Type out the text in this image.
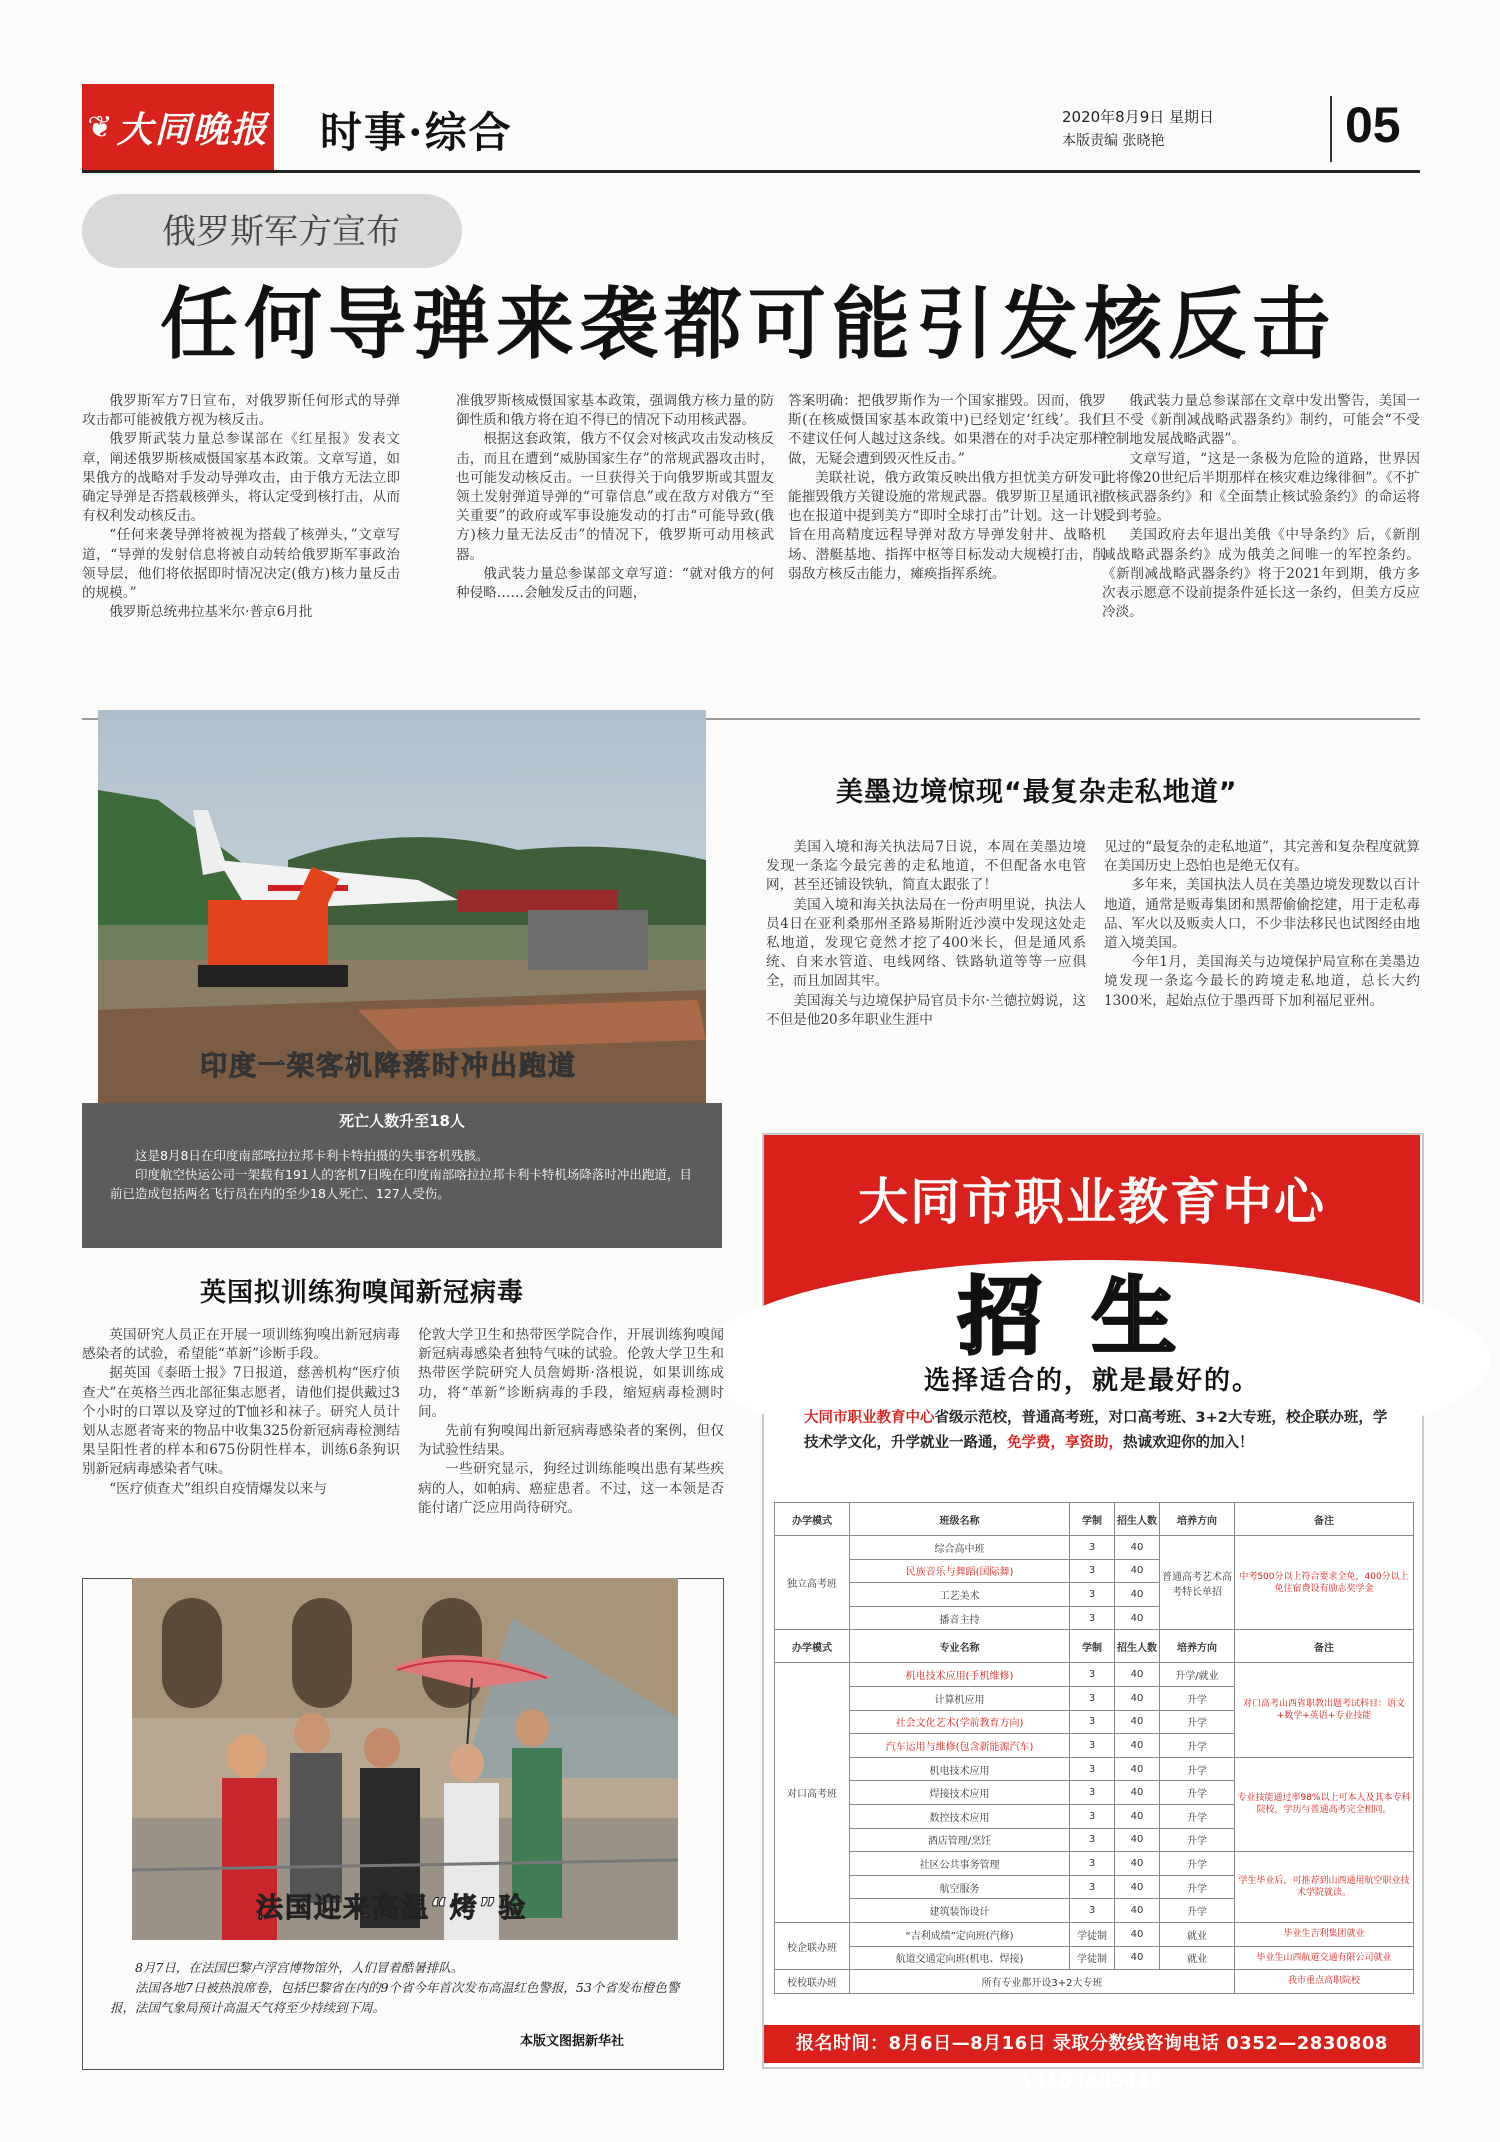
❦ 大同晚报 时事·综合	2020年8月9日 星期日
本版责编 张晓艳	05
俄罗斯军方宣布
任何导弹来袭都可能引发核反击

俄罗斯军方7日宣布，对俄罗斯任何形式的导弹攻击都可能被俄方视为核反击。

俄罗斯武装力量总参谋部在《红星报》发表文章，阐述俄罗斯核威慑国家基本政策。文章写道，如果俄方的战略对手发动导弹攻击，由于俄方无法立即确定导弹是否搭载核弹头，将认定受到核打击，从而有权利发动核反击。

“任何来袭导弹将被视为搭载了核弹头，”文章写道，“导弹的发射信息将被自动转给俄罗斯军事政治领导层，他们将依据即时情况决定(俄方)核力量反击的规模。”

俄罗斯总统弗拉基米尔·普京6月批

准俄罗斯核威慑国家基本政策，强调俄方核力量的防御性质和俄方将在迫不得已的情况下动用核武器。

根据这套政策，俄方不仅会对核武攻击发动核反击，而且在遭到“威胁国家生存”的常规武器攻击时，也可能发动核反击。一旦获得关于向俄罗斯或其盟友领土发射弹道导弹的“可靠信息”或在敌方对俄方“至关重要”的政府或军事设施发动的打击“可能导致(俄方)核力量无法反击”的情况下，俄罗斯可动用核武器。

俄武装力量总参谋部文章写道：“就对俄方的何种侵略……会触发反击的问题，

答案明确：把俄罗斯作为一个国家摧毁。因而，俄罗斯(在核威慑国家基本政策中)已经划定‘红线’。我们不建议任何人越过这条线。如果潜在的对手决定那样做，无疑会遭到毁灭性反击。”

美联社说，俄方政策反映出俄方担忧美方研发可能摧毁俄方关键设施的常规武器。俄罗斯卫星通讯社也在报道中提到美方“即时全球打击”计划。这一计划旨在用高精度远程导弹对敌方导弹发射井、战略机场、潜艇基地、指挥中枢等目标发动大规模打击，削弱敌方核反击能力，瘫痪指挥系统。

俄武装力量总参谋部在文章中发出警告，美国一旦不受《新削减战略武器条约》制约，可能会“不受控制地发展战略武器”。

文章写道，“这是一条极为危险的道路，世界因此将像20世纪后半期那样在核灾难边缘徘徊”。《不扩散核武器条约》和《全面禁止核试验条约》的命运将受到考验。

美国政府去年退出美俄《中导条约》后，《新削减战略武器条约》成为俄美之间唯一的军控条约。《新削减战略武器条约》将于2021年到期，俄方多次表示愿意不设前提条件延长这一条约，但美方反应冷淡。

印度一架客机降落时冲出跑道
死亡人数升至18人

这是8月8日在印度南部喀拉拉邦卡利卡特拍摄的失事客机残骸。

印度航空快运公司一架载有191人的客机7日晚在印度南部喀拉拉邦卡利卡特机场降落时冲出跑道，目前已造成包括两名飞行员在内的至少18人死亡、127人受伤。

美墨边境惊现“最复杂走私地道”

美国入境和海关执法局7日说，本周在美墨边境发现一条迄今最完善的走私地道，不但配备水电管网，甚至还铺设铁轨，简直太跟张了！

美国入境和海关执法局在一份声明里说，执法人员4日在亚利桑那州圣路易斯附近沙漠中发现这处走私地道，发现它竟然才挖了400米长，但是通风系统、自来水管道、电线网络、铁路轨道等等一应俱全，而且加固其牢。

美国海关与边境保护局官员卡尔·兰德拉姆说，这不但是他20多年职业生涯中

见过的“最复杂的走私地道”，其完善和复杂程度就算在美国历史上恐怕也是绝无仅有。

多年来，美国执法人员在美墨边境发现数以百计地道，通常是贩毒集团和黑帮偷偷挖建，用于走私毒品、军火以及贩卖人口，不少非法移民也试图经由地道入境美国。

今年1月，美国海关与边境保护局宣称在美墨边境发现一条迄今最长的跨境走私地道，总长大约1300米，起始点位于墨西哥下加利福尼亚州。

大同市职业教育中心
招生
选择适合的，就是最好的。
大同市职业教育中心省级示范校，普通高考班，对口高考班、3+2大专班，校企联办班，学技术学文化，升学就业一路通，免学费，享资助，热诚欢迎你的加入！
办学模式	班级名称	学制	招生人数	培养方向	备注
独立高考班	综合高中班	3	40	普通高考艺术高考特长单招	中考500分以上符合要求全免，400分以上免住宿费设有励志奖学金
	民族音乐与舞蹈(国际舞)	3	40		
	工艺美术	3	40		
	播音主持	3	40		
办学模式	专业名称	学制	招生人数	培养方向	备注
对口高考班	机电技术应用(手机维修)	3	40	升学/就业	对口高考山西省职教出题考试科目：语文+数学+英语+专业技能
	计算机应用	3	40	升学	
	社会文化艺术(学前教育方向)	3	40	升学	
	汽车运用与维修(包含新能源汽车)	3	40	升学	
	机电技术应用	3	40	升学	专业技能通过率98%以上可本人及其本专科院校，学历与普通高考完全相同。
	焊接技术应用	3	40	升学	
	数控技术应用	3	40	升学	
	酒店管理/烹饪	3	40	升学	
	社区公共事务管理	3	40	升学	学生毕业后，可推荐到山西通用航空职业技术学院就读。
	航空服务	3	40	升学	
	建筑装饰设计	3	40	升学	
校企联办班	“吉利成绩”定向班(汽修)	学徒制	40	就业	毕业生吉利集团就业
	航道交通定向班(机电、焊接)	学徒制	40	就业	毕业生山西航道交通有限公司就业
校校联办班	所有专业都开设3+2大专班				我市重点高职院校
报名时间：8月6日—8月16日 录取分数线咨询电话 0352—2830808 13103405489
英国拟训练狗嗅闻新冠病毒

英国研究人员正在开展一项训练狗嗅出新冠病毒感染者的试验，希望能“革新”诊断手段。

据英国《泰晤士报》7日报道，慈善机构“医疗侦查犬”在英格兰西北部征集志愿者，请他们提供戴过3个小时的口罩以及穿过的T恤衫和袜子。研究人员计划从志愿者寄来的物品中收集325份新冠病毒检测结果呈阳性者的样本和675份阴性样本，训练6条狗识别新冠病毒感染者气味。

“医疗侦查犬”组织自疫情爆发以来与

伦敦大学卫生和热带医学院合作，开展训练狗嗅闻新冠病毒感染者独特气味的试验。伦敦大学卫生和热带医学院研究人员詹姆斯·洛根说，如果训练成功，将“革新”诊断病毒的手段，缩短病毒检测时间。

先前有狗嗅闻出新冠病毒感染者的案例，但仅为试验性结果。

一些研究显示，狗经过训练能嗅出患有某些疾病的人，如帕病、癌症患者。不过，这一本领是否能付诸广泛应用尚待研究。

法国迎来高温“烤”验

8月7日，在法国巴黎卢浮宫博物馆外，人们冒着酷暑排队。

法国各地7日被热浪席卷，包括巴黎省在内的9个省今年首次发布高温红色警报，53个省发布橙色警报，法国气象局预计高温天气将至少持续到下周。

本版文图据新华社
